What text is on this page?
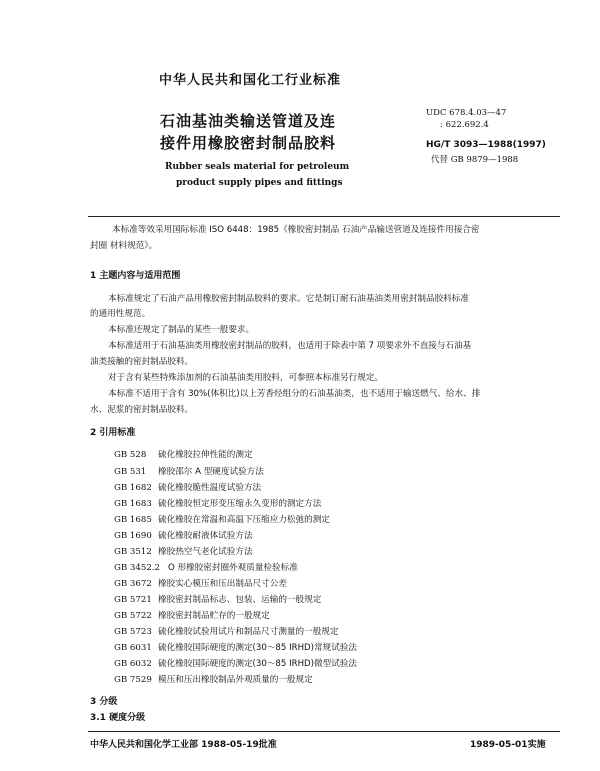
中华人民共和国化工行业标准
石油基油类输送管道及连
接件用橡胶密封制品胶料
Rubber seals material for petroleum
product supply pipes and fittings
UDC 678.4.03—47
: 622.692.4
HG/T 3093—1988(1997)
代替 GB 9879—1988
本标准等效采用国际标准 ISO 6448：1985《橡胶密封制品 石油产品输送管道及连接件用接合密
封圈 材料规范》。
1 主题内容与适用范围
本标准规定了石油产品用橡胶密封制品胶料的要求。它是制订耐石油基油类用密封制品胶料标准
的通用性规范。
本标准还规定了制品的某些一般要求。
本标准适用于石油基油类用橡胶密封制品的胶料，也适用于除表中第 7 项要求外不直接与石油基
油类接触的密封制品胶料。
对于含有某些特殊添加剂的石油基油类用胶料，可参照本标准另行规定。
本标准不适用于含有 30%(体积比)以上芳香烃组分的石油基油类，也不适用于输送燃气、给水、排
水、泥浆的密封制品胶料。
2 引用标准
GB 528 硫化橡胶拉伸性能的测定
GB 531 橡胶邵尔 A 型硬度试验方法
GB 1682 硫化橡胶脆性温度试验方法
GB 1683 硫化橡胶恒定形变压缩永久变形的测定方法
GB 1685 硫化橡胶在常温和高温下压缩应力松弛的测定
GB 1690 硫化橡胶耐液体试验方法
GB 3512 橡胶热空气老化试验方法
GB 3452.2 O 形橡胶密封圈外观质量检验标准
GB 3672 橡胶实心模压和压出制品尺寸公差
GB 5721 橡胶密封制品标志、包装、运输的一般规定
GB 5722 橡胶密封制品贮存的一般规定
GB 5723 硫化橡胶试验用试片和制品尺寸测量的一般规定
GB 6031 硫化橡胶国际硬度的测定(30～85 IRHD)常规试验法
GB 6032 硫化橡胶国际硬度的测定(30～85 IRHD)微型试验法
GB 7529 模压和压出橡胶制品外观质量的一般规定
3 分级
3.1 硬度分级
中华人民共和国化学工业部 1988-05-19批准	1989-05-01实施
